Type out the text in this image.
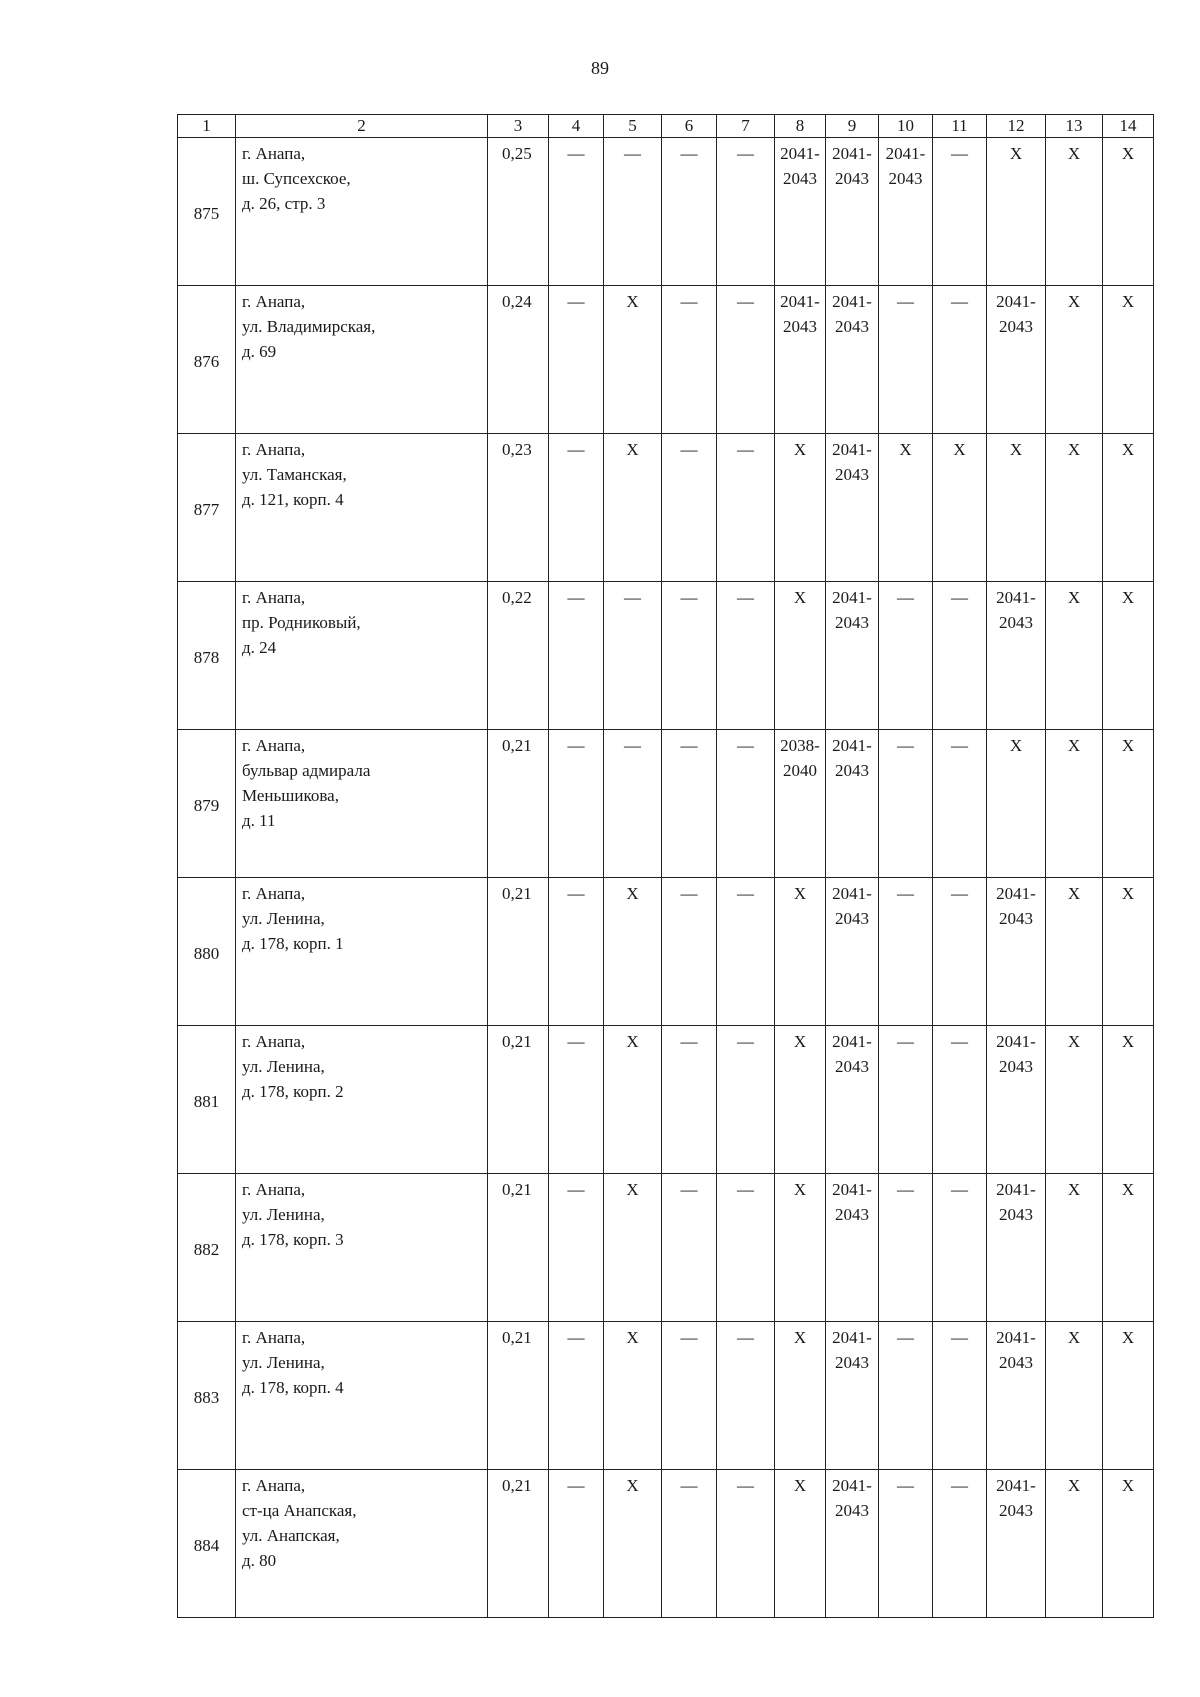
89
1	2	3	4	5	6	7	8	9	10	11	12	13	14
875	г. Анапа,
ш. Супсехское,
д. 26, стр. 3	0,25	—	—	—	—	2041-
2043	2041-
2043	2041-
2043	—	Х	Х	Х

876	г. Анапа,
ул. Владимирская,
д. 69	0,24	—	Х	—	—	2041-
2043	2041-
2043	—	—	2041-
2043	Х	Х

877	г. Анапа,
ул. Таманская,
д. 121, корп. 4	0,23	—	Х	—	—	Х	2041-
2043	Х	Х	Х	Х	Х

878	г. Анапа,
пр. Родниковый,
д. 24	0,22	—	—	—	—	Х	2041-
2043	—	—	2041-
2043	Х	Х

879	г. Анапа,
бульвар адмирала
Меньшикова,
д. 11	0,21	—	—	—	—	2038-
2040	2041-
2043	—	—	Х	Х	Х

880	г. Анапа,
ул. Ленина,
д. 178, корп. 1	0,21	—	Х	—	—	Х	2041-
2043	—	—	2041-
2043	Х	Х

881	г. Анапа,
ул. Ленина,
д. 178, корп. 2	0,21	—	Х	—	—	Х	2041-
2043	—	—	2041-
2043	Х	Х

882	г. Анапа,
ул. Ленина,
д. 178, корп. 3	0,21	—	Х	—	—	Х	2041-
2043	—	—	2041-
2043	Х	Х

883	г. Анапа,
ул. Ленина,
д. 178, корп. 4	0,21	—	Х	—	—	Х	2041-
2043	—	—	2041-
2043	Х	Х

884	г. Анапа,
ст-ца Анапская,
ул. Анапская,
д. 80	0,21	—	Х	—	—	Х	2041-
2043	—	—	2041-
2043	Х	Х
